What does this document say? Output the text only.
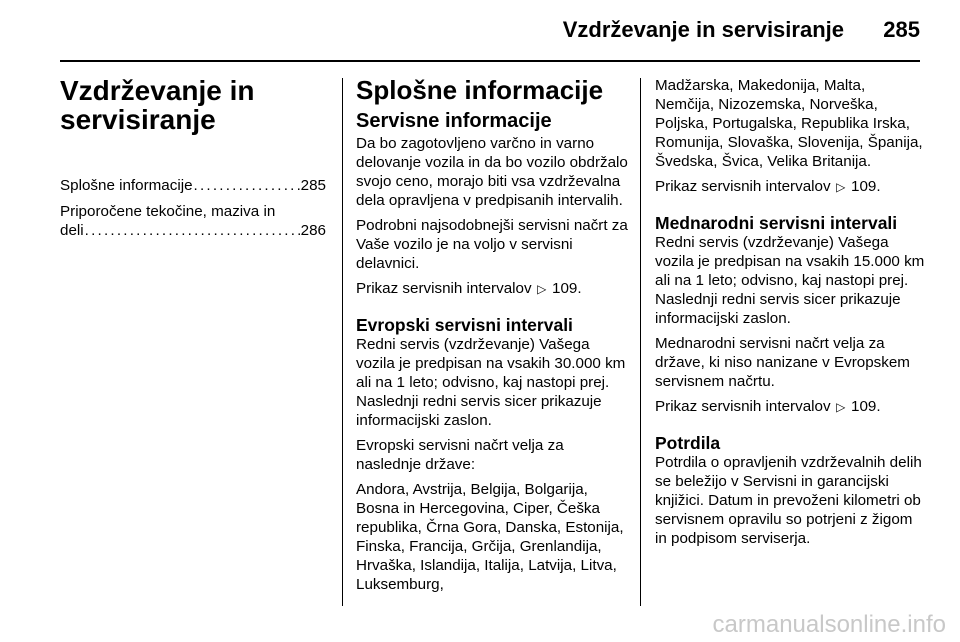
Vzdrževanje in servisiranje 285
Vzdrževanje in
servisiranje
Splošne informacije . . .	285
Priporočene tekočine, maziva in
deli . . .	286
Splošne informacije
Servisne informacije

Da bo zagotovljeno varčno in varno delovanje vozila in da bo vozilo obdržalo svojo ceno, morajo biti vsa vzdrževalna dela opravljena v predpisanih intervalih.

Podrobni najsodobnejši servisni načrt za Vaše vozilo je na voljo v servisni delavnici.

Prikaz servisnih intervalov ▷ 109.

Evropski servisni intervali

Redni servis (vzdrževanje) Vašega vozila je predpisan na vsakih 30.000 km ali na 1 leto; odvisno, kaj nastopi prej. Naslednji redni servis sicer prikazuje informacijski zaslon.

Evropski servisni načrt velja za naslednje države:

Andora, Avstrija, Belgija, Bolgarija, Bosna in Hercegovina, Ciper, Češka republika, Črna Gora, Danska, Estonija, Finska, Francija, Grčija, Grenlandija, Hrvaška, Islandija, Italija, Latvija, Litva, Luksemburg,

Madžarska, Makedonija, Malta, Nemčija, Nizozemska, Norveška, Poljska, Portugalska, Republika Irska, Romunija, Slovaška, Slovenija, Španija, Švedska, Švica, Velika Britanija.

Prikaz servisnih intervalov ▷ 109.

Mednarodni servisni intervali

Redni servis (vzdrževanje) Vašega vozila je predpisan na vsakih 15.000 km ali na 1 leto; odvisno, kaj nastopi prej. Naslednji redni servis sicer prikazuje informacijski zaslon.

Mednarodni servisni načrt velja za države, ki niso nanizane v Evropskem servisnem načrtu.

Prikaz servisnih intervalov ▷ 109.

Potrdila

Potrdila o opravljenih vzdrževalnih delih se beležijo v Servisni in garancijski knjižici. Datum in prevoženi kilometri ob servisnem opravilu so potrjeni z žigom in podpisom serviserja.

carmanualsonline.info
